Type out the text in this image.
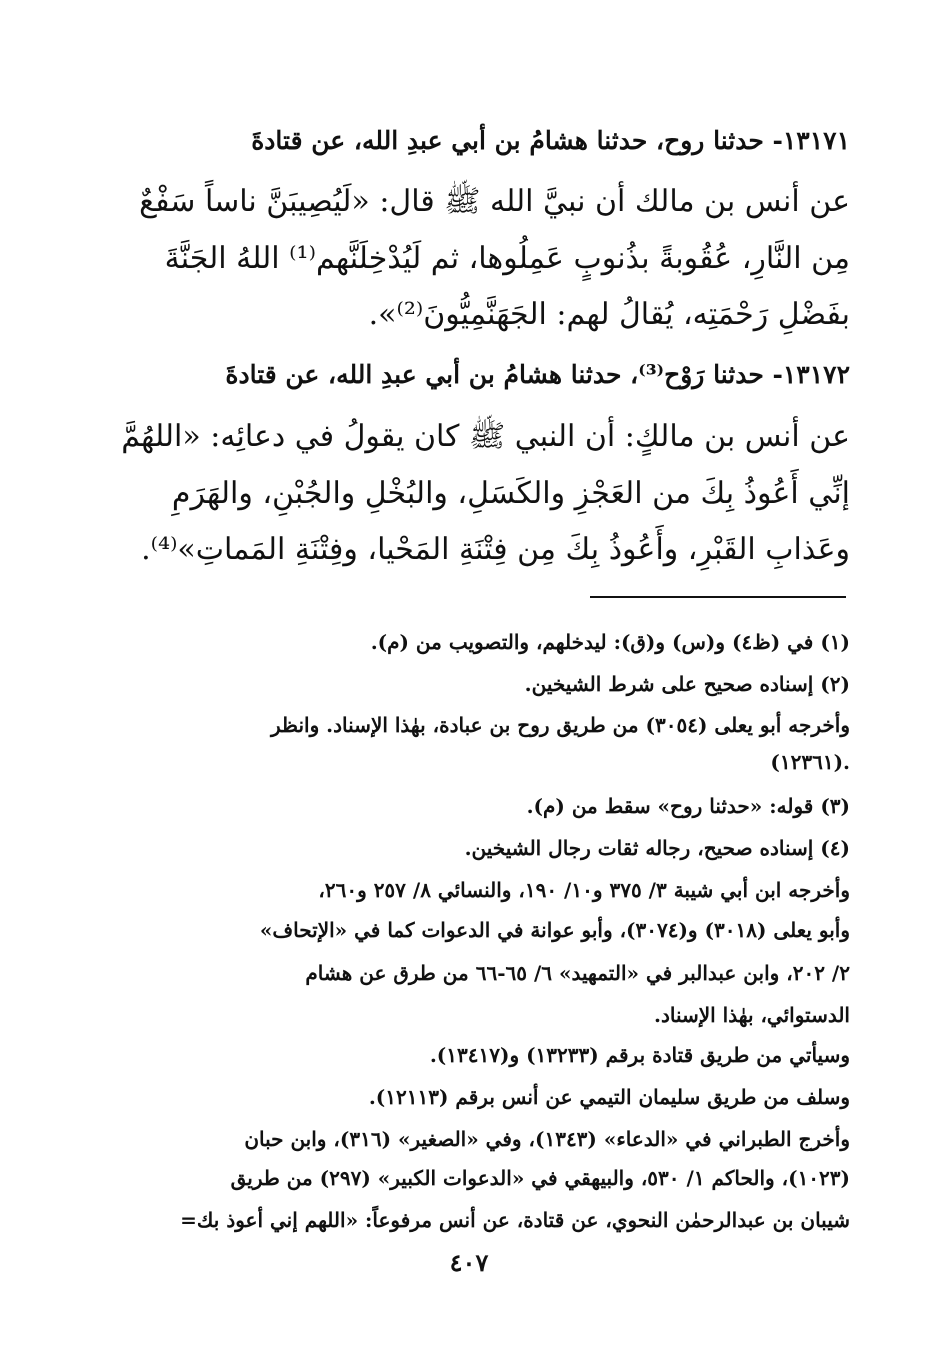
١٣١٧١- حدثنا روح، حدثنا هشامُ بن أبي عبدِ الله، عن قتادةَ

عن أنس بن مالك أن نبيَّ الله ﷺ قال: «لَيُصِيبَنَّ ناساً سَفْعٌ

مِن النَّارِ، عُقُوبةً بذُنوبٍ عَمِلُوها، ثم لَيُدْخِلَنَّهم⁽¹⁾ اللهُ الجَنَّةَ

بفَضْلِ رَحْمَتِه، يُقالُ لهم: الجَهَنَّمِيُّونَ⁽²⁾».

١٣١٧٢- حدثنا رَوْح⁽³⁾، حدثنا هشامُ بن أبي عبدِ الله، عن قتادةَ

عن أنس بن مالكٍ: أن النبي ﷺ كان يقولُ في دعائِه: «اللهُمَّ

إنِّي أَعُوذُ بِكَ من العَجْزِ والكَسَلِ، والبُخْلِ والجُبْنِ، والهَرَمِ

وعَذابِ القَبْرِ، وأَعُوذُ بِكَ مِن فِتْنَةِ المَحْيا، وفِتْنَةِ المَماتِ»⁽⁴⁾.

(١) في (ظ٤) و(س) و(ق): ليدخلهم، والتصويب من (م).

(٢) إسناده صحيح على شرط الشيخين.

وأخرجه أبو يعلى (٣٠٥٤) من طريق روح بن عبادة، بهٰذا الإسناد. وانظر

(١٢٣٦١).

(٣) قوله: «حدثنا روح» سقط من (م).

(٤) إسناده صحيح، رجاله ثقات رجال الشيخين.

وأخرجه ابن أبي شيبة ٣/ ٣٧٥ و١٠/ ١٩٠، والنسائي ٨/ ٢٥٧ و٢٦٠،

وأبو يعلى (٣٠١٨) و(٣٠٧٤)، وأبو عوانة في الدعوات كما في «الإتحاف»

٢/ ٢٠٢، وابن عبدالبر في «التمهيد» ٦/ ٦٥-٦٦ من طرق عن هشام

الدستوائي، بهٰذا الإسناد.

وسيأتي من طريق قتادة برقم (١٣٢٣٣) و(١٣٤١٧).

وسلف من طريق سليمان التيمي عن أنس برقم (١٢١١٣).

وأخرج الطبراني في «الدعاء» (١٣٤٣)، وفي «الصغير» (٣١٦)، وابن حبان

(١٠٢٣)، والحاكم ١/ ٥٣٠، والبيهقي في «الدعوات الكبير» (٢٩٧) من طريق

شيبان بن عبدالرحمٰن النحوي، عن قتادة، عن أنس مرفوعاً: «اللهم إني أعوذ بك=

٤٠٧
